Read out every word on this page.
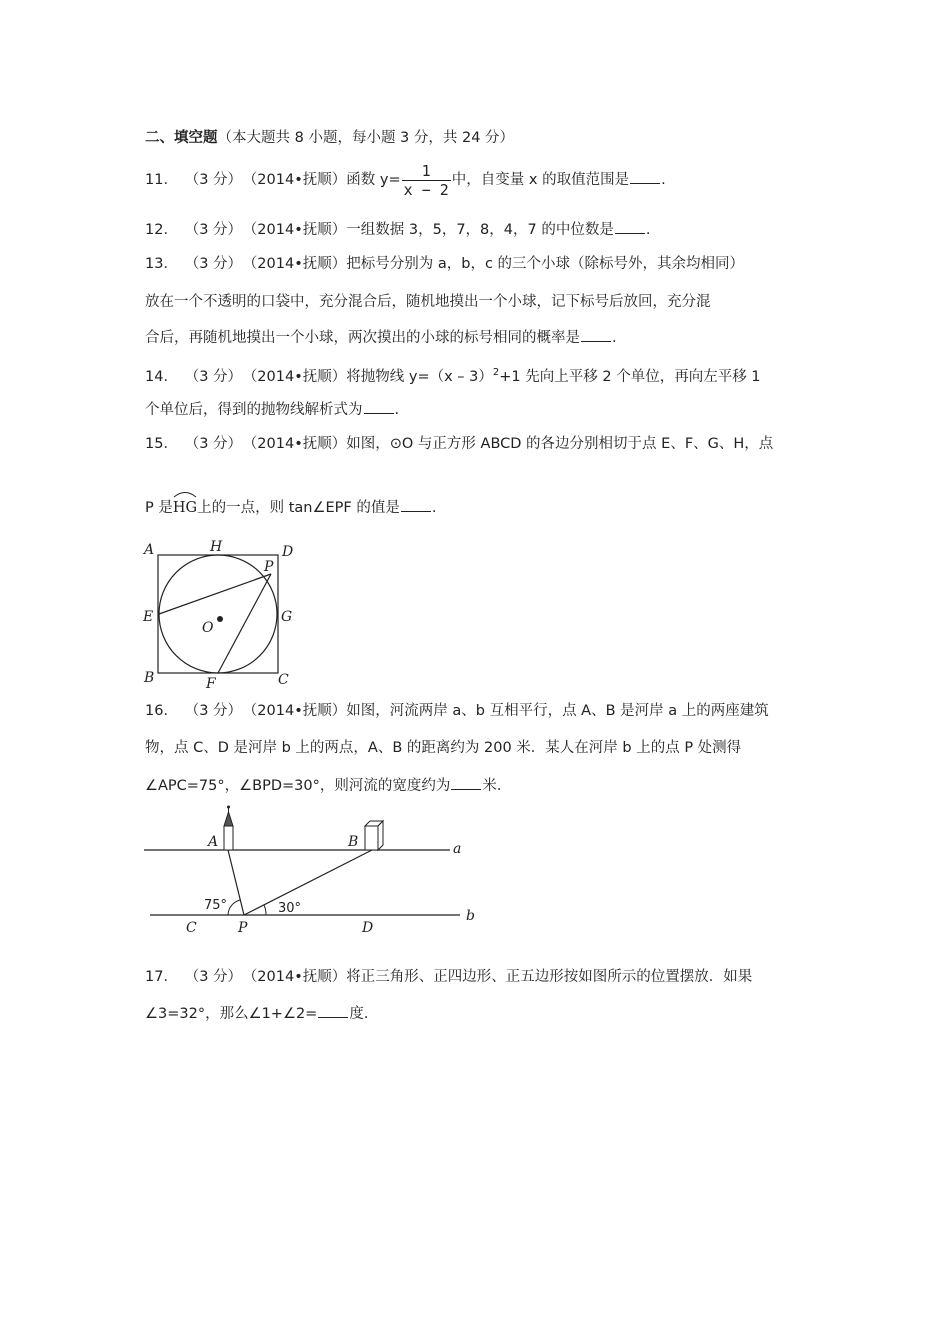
二、填空题（本大题共 8 小题，每小题 3 分，共 24 分）
11． （3 分） （2014•抚顺）函数 $y= \frac{1}{x - 2}$ 中，自变量 x 的取值范围是 .
12． （3 分） （2014•抚顺）一组数据 3，5，7，8，4，7 的中位数是 .
13． （3 分） （2014•抚顺）把标号分别为 a，b，c 的三个小球（除标号外，其余均相同）
放在一个不透明的口袋中，充分混合后，随机地摸出一个小球，记下标号后放回，充分混
合后，再随机地摸出一个小球，两次摸出的小球的标号相同的概率是 .
14． （3 分） （2014•抚顺）将抛物线 y=（x – 3）$^2$+1 先向上平移 2 个单位，再向左平移 1
个单位后，得到的抛物线解析式为 .
15． （3 分） （2014•抚顺）如图，⊙O 与正方形 ABCD 的各边分别相切于点 E、F、G、H，点
P 是
HG上的一点，则 tan∠EPF 的值是 .
A	H	D
P
E
O
G
B	F	C
16． （3 分） （2014•抚顺）如图，河流两岸 a、b 互相平行，点 A、B 是河岸 a 上的两座建筑
物，点 C、D 是河岸 b 上的两点，A、B 的距离约为 200 米．某人在河岸 b 上的点 P 处测得
∠APC=75°，∠BPD=30°，则河流的宽度约为 米．
A	B	a
b
C	P	D
75°	30°
17． （3 分） （2014•抚顺）将正三角形、正四边形、正五边形按如图所示的位置摆放．如果
∠3=32°，那么∠1+∠2= 度．
